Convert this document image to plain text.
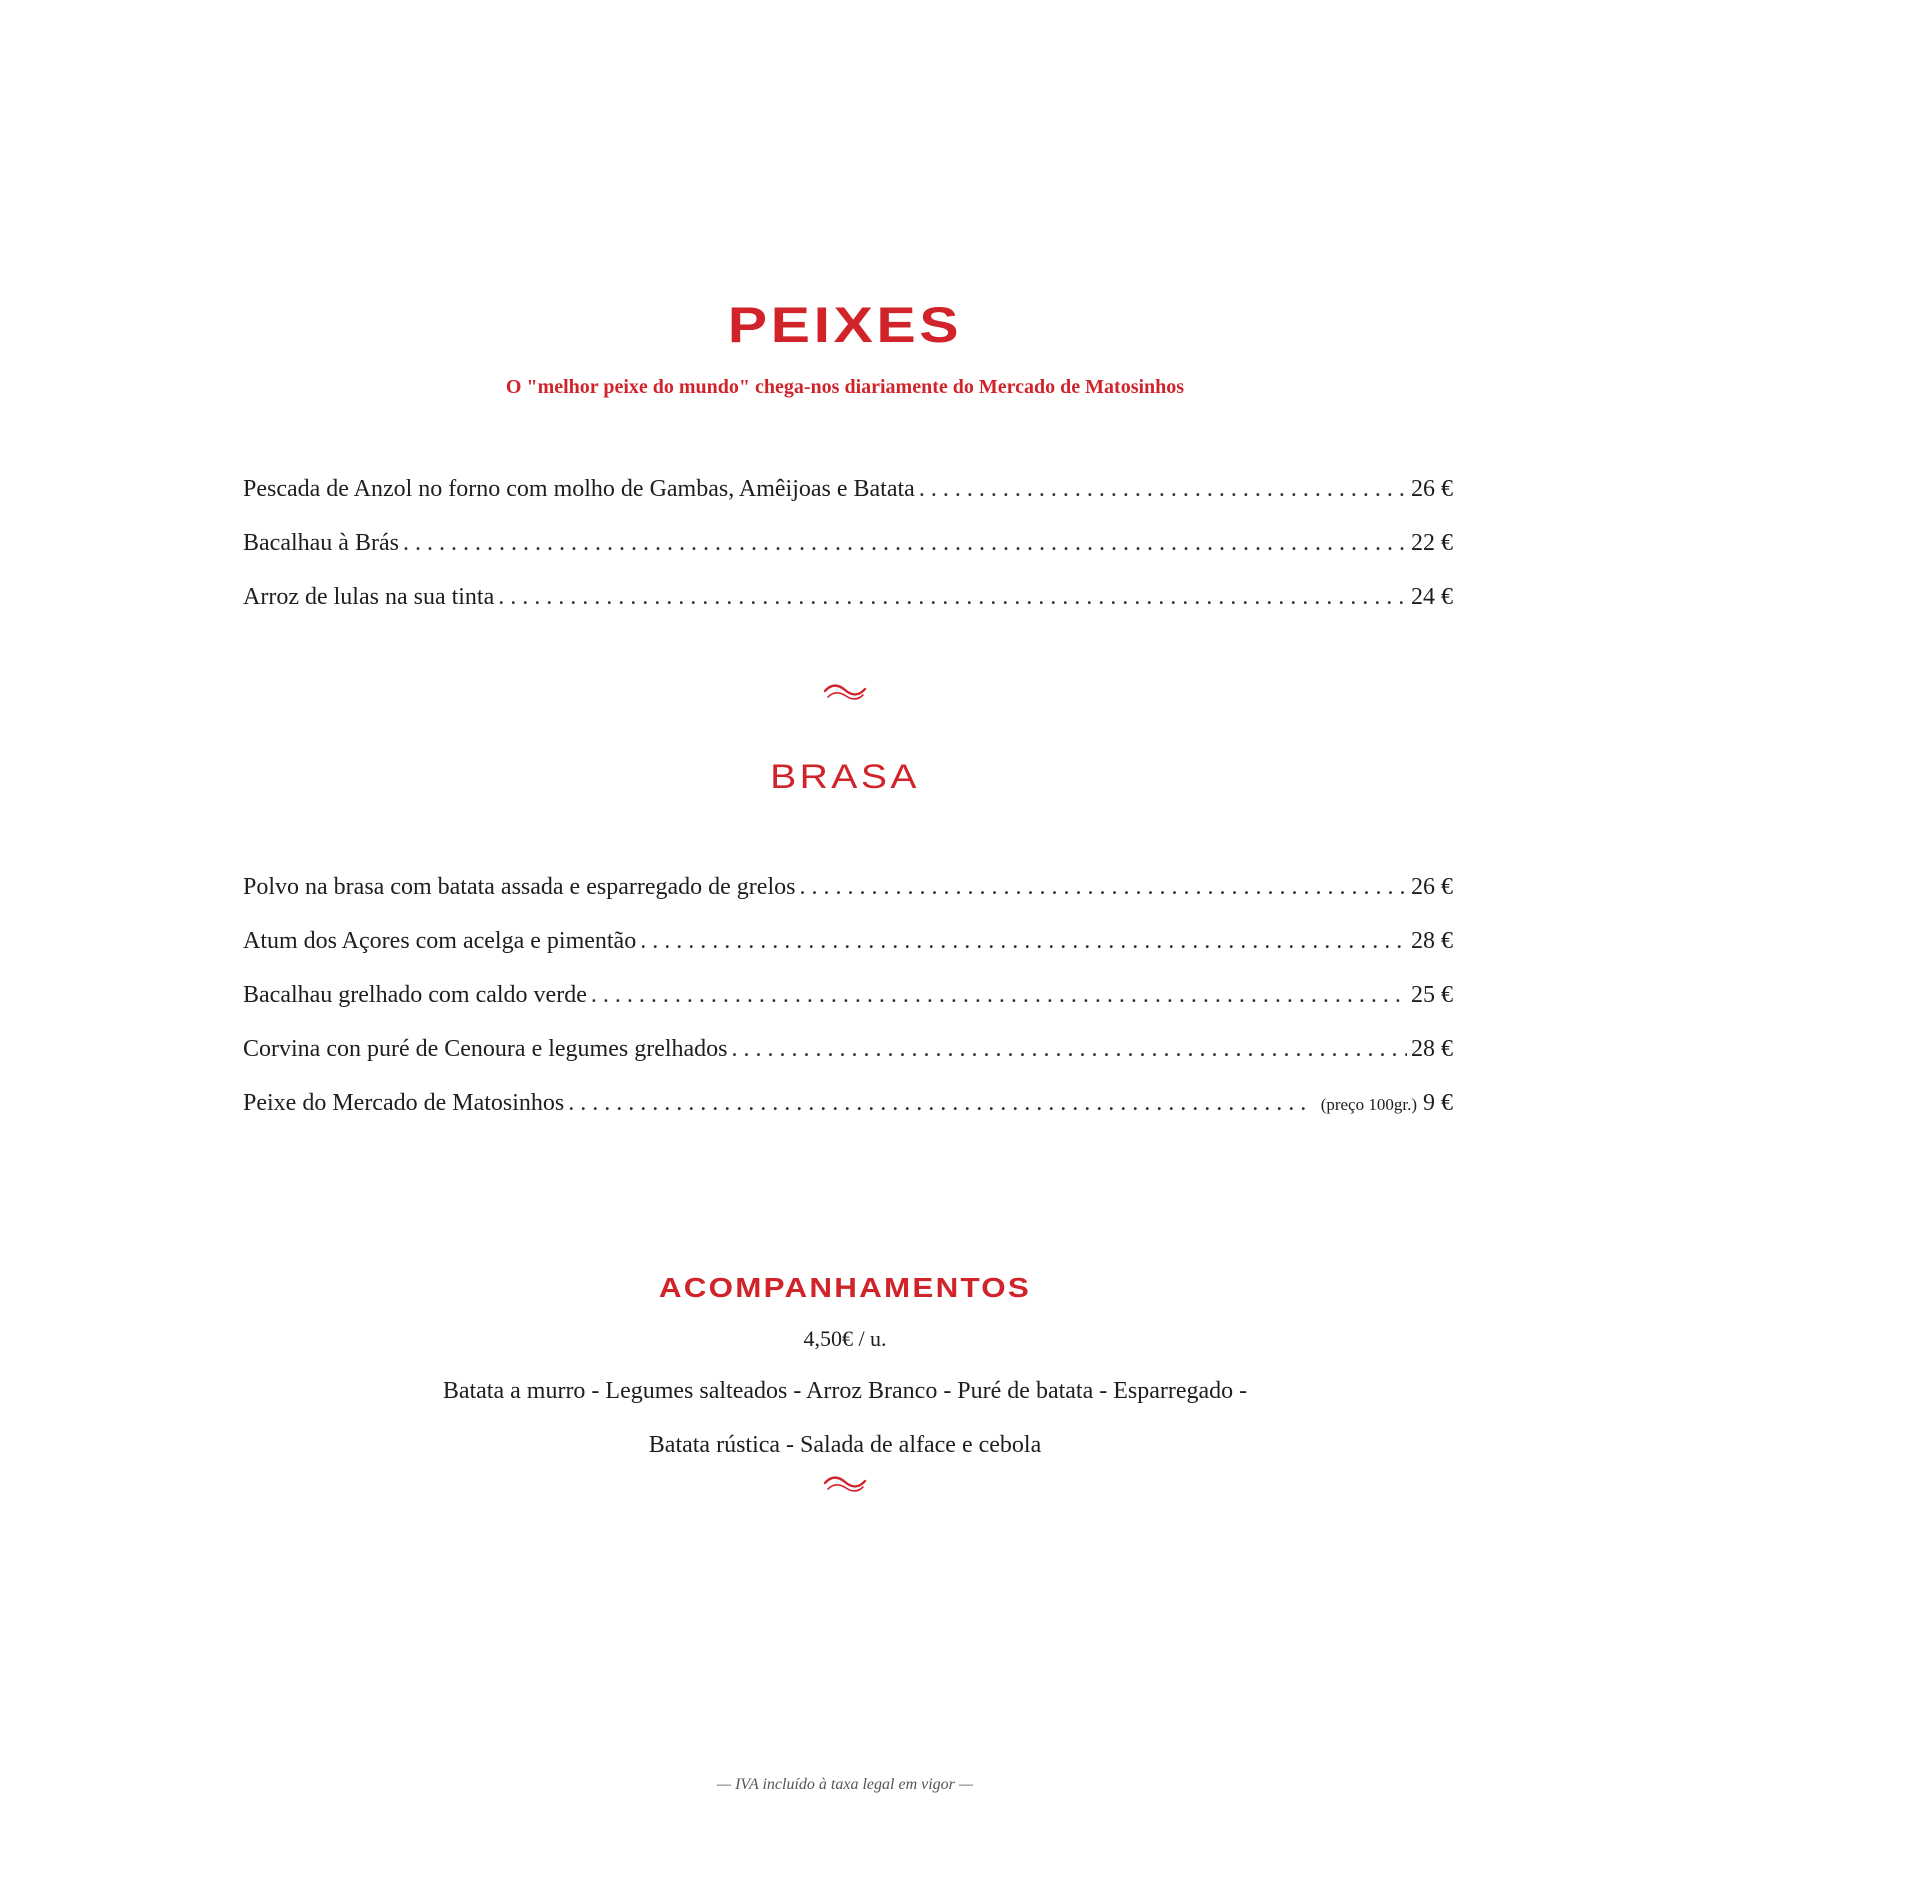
PEIXES
O "melhor peixe do mundo" chega-nos diariamente do Mercado de Matosinhos
Pescada de Anzol no forno com molho de Gambas, Amêijoas e Batata . . .	26 €
Bacalhau à Brás . . .	22 €
Arroz de lulas na sua tinta . . .	24 €
BRASA
Polvo na brasa com batata assada e esparregado de grelos . . .	26 €
Atum dos Açores com acelga e pimentão . . .	28 €
Bacalhau grelhado com caldo verde . . .	25 €
Corvina con puré de Cenoura e legumes grelhados . . .	28 €
Peixe do Mercado de Matosinhos . . .	(preço 100gr.) 9 €
ACOMPANHAMENTOS
4,50€ / u.
Batata a murro - Legumes salteados - Arroz Branco - Puré de batata - Esparregado -
Batata rústica - Salada de alface e cebola
— IVA incluído à taxa legal em vigor —
